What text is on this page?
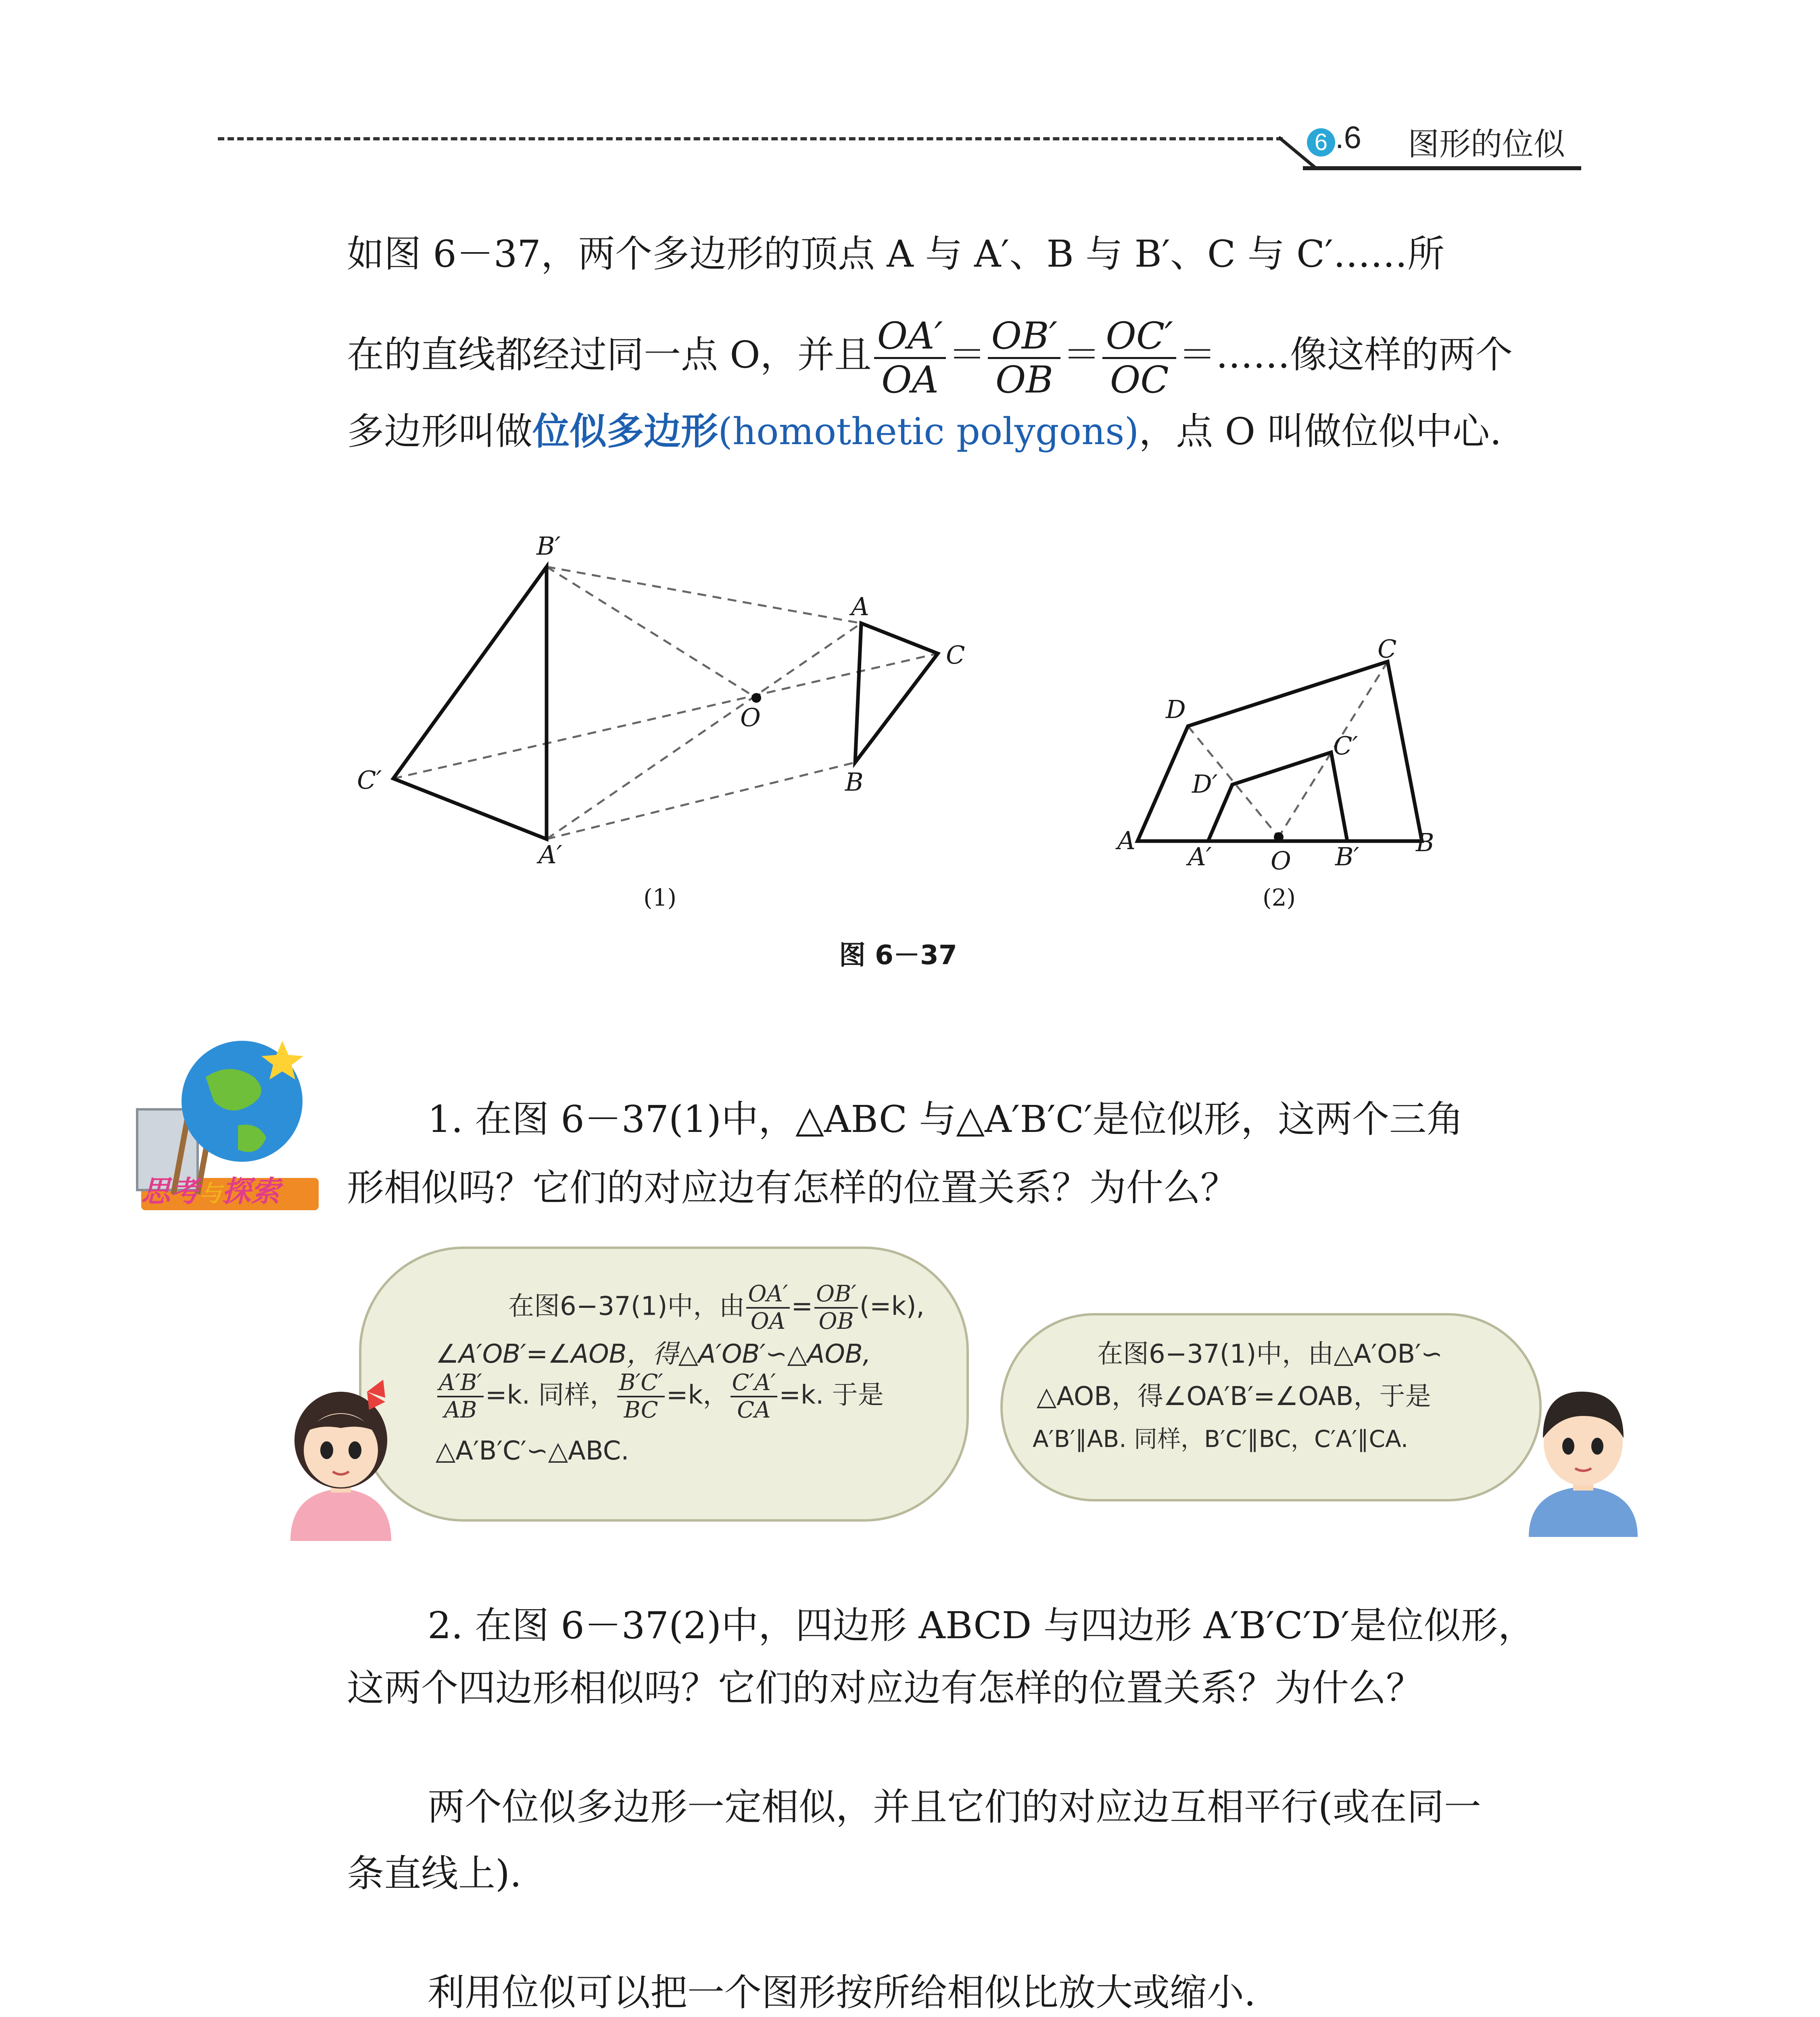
6 .6 图形的位似
如图 6－37，两个多边形的顶点 A 与 A′、B 与 B′、C 与 C′……所
在的直线都经过同一点 O，并且 $\frac{OA'}{OA} = \frac{OB'}{OB} = \frac{OC'}{OC}$ ＝……像这样的两个
多边形叫做位似多边形(homothetic polygons)，点 O 叫做位似中心.
B′
A
C
O
B
C′
A′
C
D
C′
D′
A
A′ O B′ B
(1)	(2)
图 6－37
思考与探索
1. 在图 6－37(1)中，△ABC 与△A′B′C′是位似形，这两个三角
形相似吗？它们的对应边有怎样的位置关系？为什么？
在图6−37(1)中，由 $\frac{OA'}{OA} = \frac{OB'}{OB} (=k)$,
∠A′OB′=∠AOB，得△A′OB′∽△AOB,
$\frac{A'B'}{AB} =k$. 同样， $\frac{B'C'}{BC} =k$， $\frac{C'A'}{CA} =k$. 于是
△A′B′C′∽△ABC.
在图6−37(1)中，由△A′OB′∽
△AOB，得∠OA′B′=∠OAB，于是
A′B′∥AB. 同样，B′C′∥BC，C′A′∥CA.
2. 在图 6－37(2)中，四边形 ABCD 与四边形 A′B′C′D′是位似形，
这两个四边形相似吗？它们的对应边有怎样的位置关系？为什么？
两个位似多边形一定相似，并且它们的对应边互相平行(或在同一
条直线上).
利用位似可以把一个图形按所给相似比放大或缩小.
